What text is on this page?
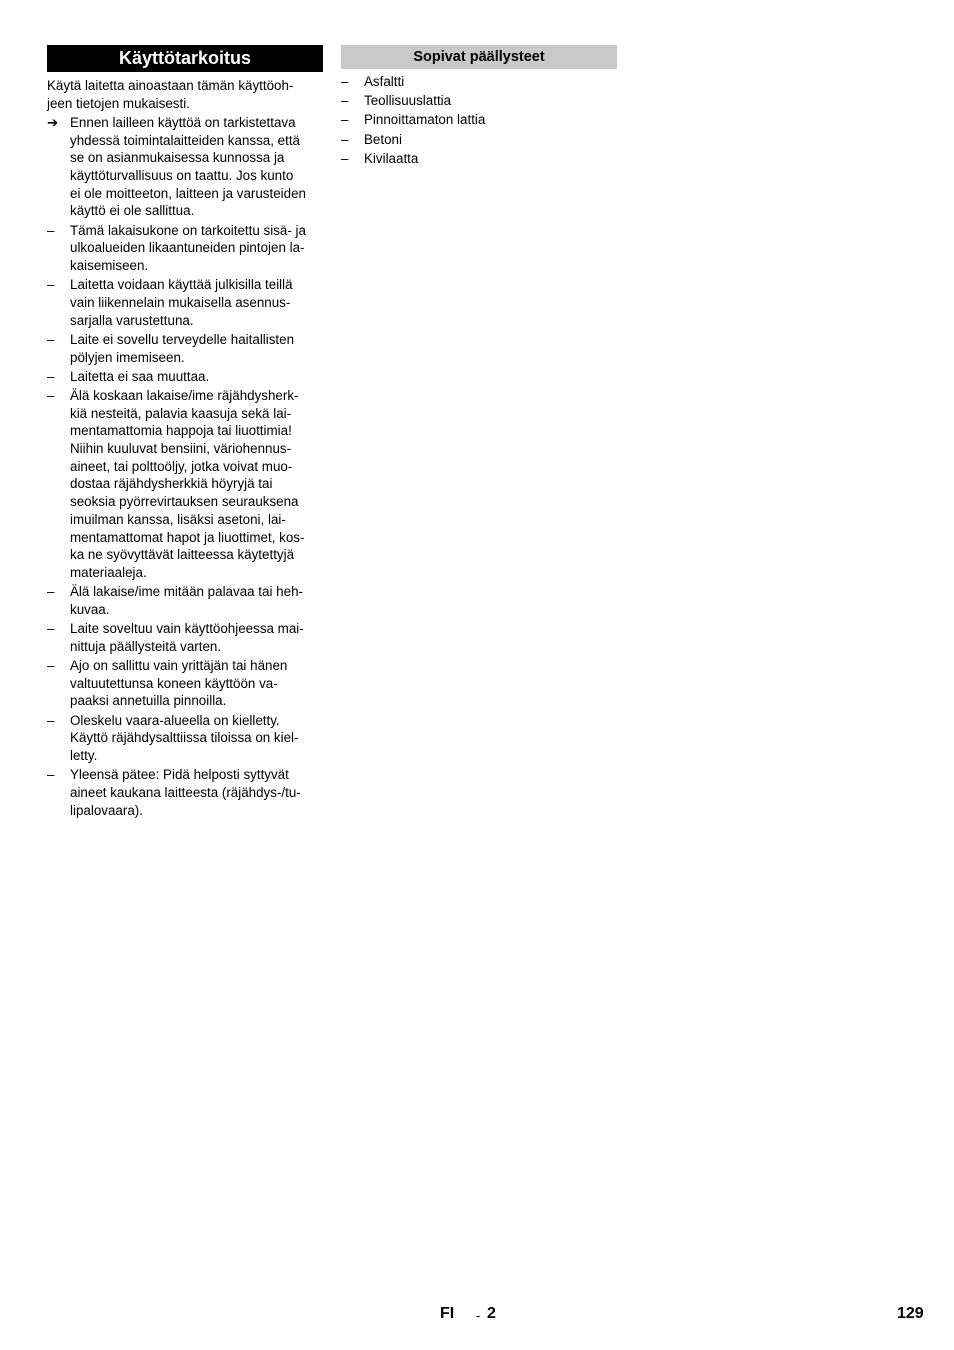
Käyttötarkoitus

Käytä laitetta ainoastaan tämän käyttöoh-
jeen tietojen mukaisesti.

➔ Ennen lailleen käyttöä on tarkistettava
yhdessä toimintalaitteiden kanssa, että
se on asianmukaisessa kunnossa ja
käyttöturvallisuus on taattu. Jos kunto
ei ole moitteeton, laitteen ja varusteiden
käyttö ei ole sallittua.
–	Tämä lakaisukone on tarkoitettu sisä- ja
ulkoalueiden likaantuneiden pintojen la-
kaisemiseen.
–	Laitetta voidaan käyttää julkisilla teillä
vain liikennelain mukaisella asennus-
sarjalla varustettuna.
–	Laite ei sovellu terveydelle haitallisten
pölyjen imemiseen.
–	Laitetta ei saa muuttaa.
–	Älä koskaan lakaise/ime räjähdysherk-
kiä nesteitä, palavia kaasuja sekä lai-
mentamattomia happoja tai liuottimia!
Niihin kuuluvat bensiini, väriohennus-
aineet, tai polttoöljy, jotka voivat muo-
dostaa räjähdysherkkiä höyryjä tai
seoksia pyörrevirtauksen seurauksena
imuilman kanssa, lisäksi asetoni, lai-
mentamattomat hapot ja liuottimet, kos-
ka ne syövyttävät laitteessa käytettyjä
materiaaleja.
–	Älä lakaise/ime mitään palavaa tai heh-
kuvaa.
–	Laite soveltuu vain käyttöohjeessa mai-
nittuja päällysteitä varten.
–	Ajo on sallittu vain yrittäjän tai hänen
valtuutettunsa koneen käyttöön va-
paaksi annetuilla pinnoilla.
–	Oleskelu vaara-alueella on kielletty.
Käyttö räjähdysalttiissa tiloissa on kiel-
letty.
–	Yleensä pätee: Pidä helposti syttyvät
aineet kaukana laitteesta (räjähdys-/tu-
lipalovaara).
Sopivat päällysteet
–	Asfaltti
–	Teollisuuslattia
–	Pinnoittamaton lattia
–	Betoni
–	Kivilaatta
FI - 2	129
